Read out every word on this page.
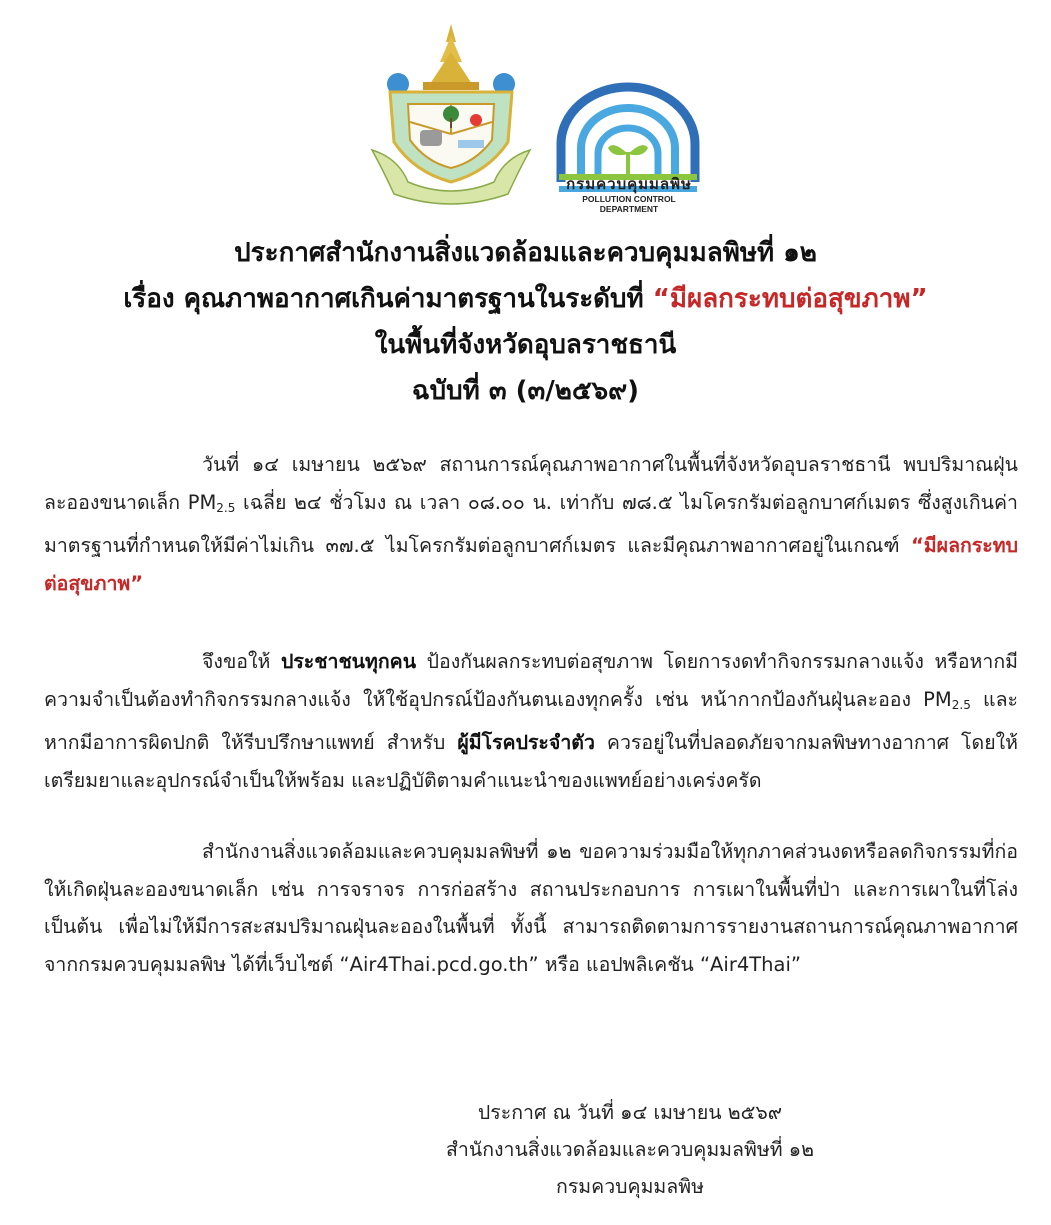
กรมควบคุมมลพิษ
POLLUTION CONTROL DEPARTMENT
ประกาศสำนักงานสิ่งแวดล้อมและควบคุมมลพิษที่ ๑๒
เรื่อง คุณภาพอากาศเกินค่ามาตรฐานในระดับที่ “มีผลกระทบต่อสุขภาพ”
ในพื้นที่จังหวัดอุบลราชธานี
ฉบับที่ ๓ (๓/๒๕๖๙)
วันที่ ๑๔ เมษายน ๒๕๖๙ สถานการณ์คุณภาพอากาศในพื้นที่จังหวัดอุบลราชธานี พบปริมาณฝุ่นละอองขนาดเล็ก $PM_{2.5}$ เฉลี่ย ๒๔ ชั่วโมง ณ เวลา ๐๘.๐๐ น. เท่ากับ ๗๘.๕ ไมโครกรัมต่อลูกบาศก์เมตร ซึ่งสูงเกินค่ามาตรฐานที่กำหนดให้มีค่าไม่เกิน ๓๗.๕ ไมโครกรัมต่อลูกบาศก์เมตร และมีคุณภาพอากาศอยู่ในเกณฑ์ “มีผลกระทบต่อสุขภาพ”
จึงขอให้ ประชาชนทุกคน ป้องกันผลกระทบต่อสุขภาพ โดยการงดทำกิจกรรมกลางแจ้ง หรือหากมีความจำเป็นต้องทำกิจกรรมกลางแจ้ง ให้ใช้อุปกรณ์ป้องกันตนเองทุกครั้ง เช่น หน้ากากป้องกันฝุ่นละออง $PM_{2.5}$ และหากมีอาการผิดปกติ ให้รีบปรึกษาแพทย์ สำหรับ ผู้มีโรคประจำตัว ควรอยู่ในที่ปลอดภัยจากมลพิษทางอากาศ โดยให้เตรียมยาและอุปกรณ์จำเป็นให้พร้อม และปฏิบัติตามคำแนะนำของแพทย์อย่างเคร่งครัด
สำนักงานสิ่งแวดล้อมและควบคุมมลพิษที่ ๑๒ ขอความร่วมมือให้ทุกภาคส่วนงดหรือลดกิจกรรมที่ก่อให้เกิดฝุ่นละอองขนาดเล็ก เช่น การจราจร การก่อสร้าง สถานประกอบการ การเผาในพื้นที่ป่า และการเผาในที่โล่ง เป็นต้น เพื่อไม่ให้มีการสะสมปริมาณฝุ่นละอองในพื้นที่ ทั้งนี้ สามารถติดตามการรายงานสถานการณ์คุณภาพอากาศจากกรมควบคุมมลพิษ ได้ที่เว็บไซต์ “Air4Thai.pcd.go.th” หรือ แอปพลิเคชัน “Air4Thai”
ประกาศ ณ วันที่ ๑๔ เมษายน ๒๕๖๙
สำนักงานสิ่งแวดล้อมและควบคุมมลพิษที่ ๑๒
กรมควบคุมมลพิษ
